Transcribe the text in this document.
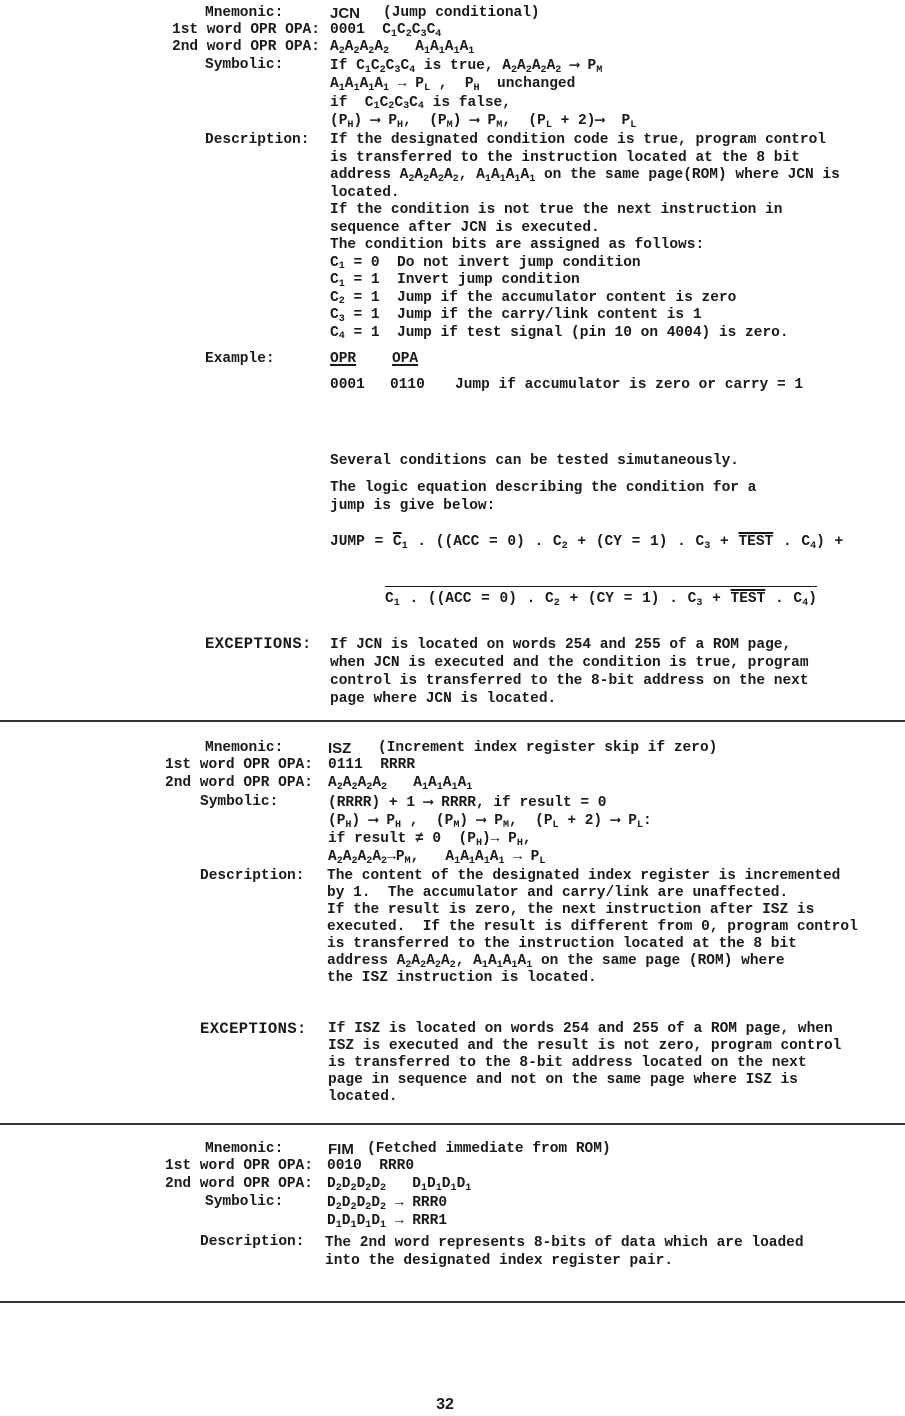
Mnemonic:	JCN (Jump conditional)
1st word OPR OPA: 0001  C1C2C3C4
2nd word OPR OPA: A2A2A2A2   A1A1A1A1
Symbolic:	If C1C2C3C4 is true, A2A2A2A2 ⟶ PM
A1A1A1A1 → PL ,  PH  unchanged
if  C1C2C3C4 is false,
(PH) ⟶ PH,  (PM) ⟶ PM,  (PL + 2)⟶  PL
Description: If the designated condition code is true, program control
is transferred to the instruction located at the 8 bit
address A2A2A2A2, A1A1A1A1 on the same page(ROM) where JCN is
located.
If the condition is not true the next instruction in
sequence after JCN is executed.
The condition bits are assigned as follows:
C1 = 0  Do not invert jump condition
C1 = 1  Invert jump condition
C2 = 1  Jump if the accumulator content is zero
C3 = 1  Jump if the carry/link content is 1
C4 = 1  Jump if test signal (pin 10 on 4004) is zero.
Example:	OPR OPA
0001 0110 Jump if accumulator is zero or carry = 1
Several conditions can be tested simutaneously.
The logic equation describing the condition for a
jump is give below:
JUMP = $\overline{C}1$ . ((ACC = 0) . C2 + (CY = 1) . C3 + TEST . C4) +
C1 . ((ACC = 0) . C2 + (CY = 1) . C3 + TEST . C4)
EXCEPTIONS: If JCN is located on words 254 and 255 of a ROM page,
when JCN is executed and the condition is true, program
control is transferred to the 8-bit address on the next
page where JCN is located.
Mnemonic:	ISZ (Increment index register skip if zero)
1st word OPR OPA: 0111  RRRR
2nd word OPR OPA: A2A2A2A2   A1A1A1A1
Symbolic:	(RRRR) + 1 ⟶ RRRR, if result = 0
(PH) ⟶ PH ,  (PM) ⟶ PM,  (PL + 2) ⟶ PL:
if result ≠ 0  (PH)→ PH,
A2A2A2A2→PM,   A1A1A1A1 → PL
Description: The content of the designated index register is incremented
by 1.  The accumulator and carry/link are unaffected.
If the result is zero, the next instruction after ISZ is
executed.  If the result is different from 0, program control
is transferred to the instruction located at the 8 bit
address A2A2A2A2, A1A1A1A1 on the same page (ROM) where
the ISZ instruction is located.
EXCEPTIONS: If ISZ is located on words 254 and 255 of a ROM page, when
ISZ is executed and the result is not zero, program control
is transferred to the 8-bit address located on the next
page in sequence and not on the same page where ISZ is
located.
Mnemonic:	FIM (Fetched immediate from ROM)
1st word OPR OPA: 0010  RRR0
2nd word OPR OPA: D2D2D2D2   D1D1D1D1
Symbolic:	D2D2D2D2 → RRR0
D1D1D1D1 → RRR1
Description: The 2nd word represents 8-bits of data which are loaded
into the designated index register pair.
32
